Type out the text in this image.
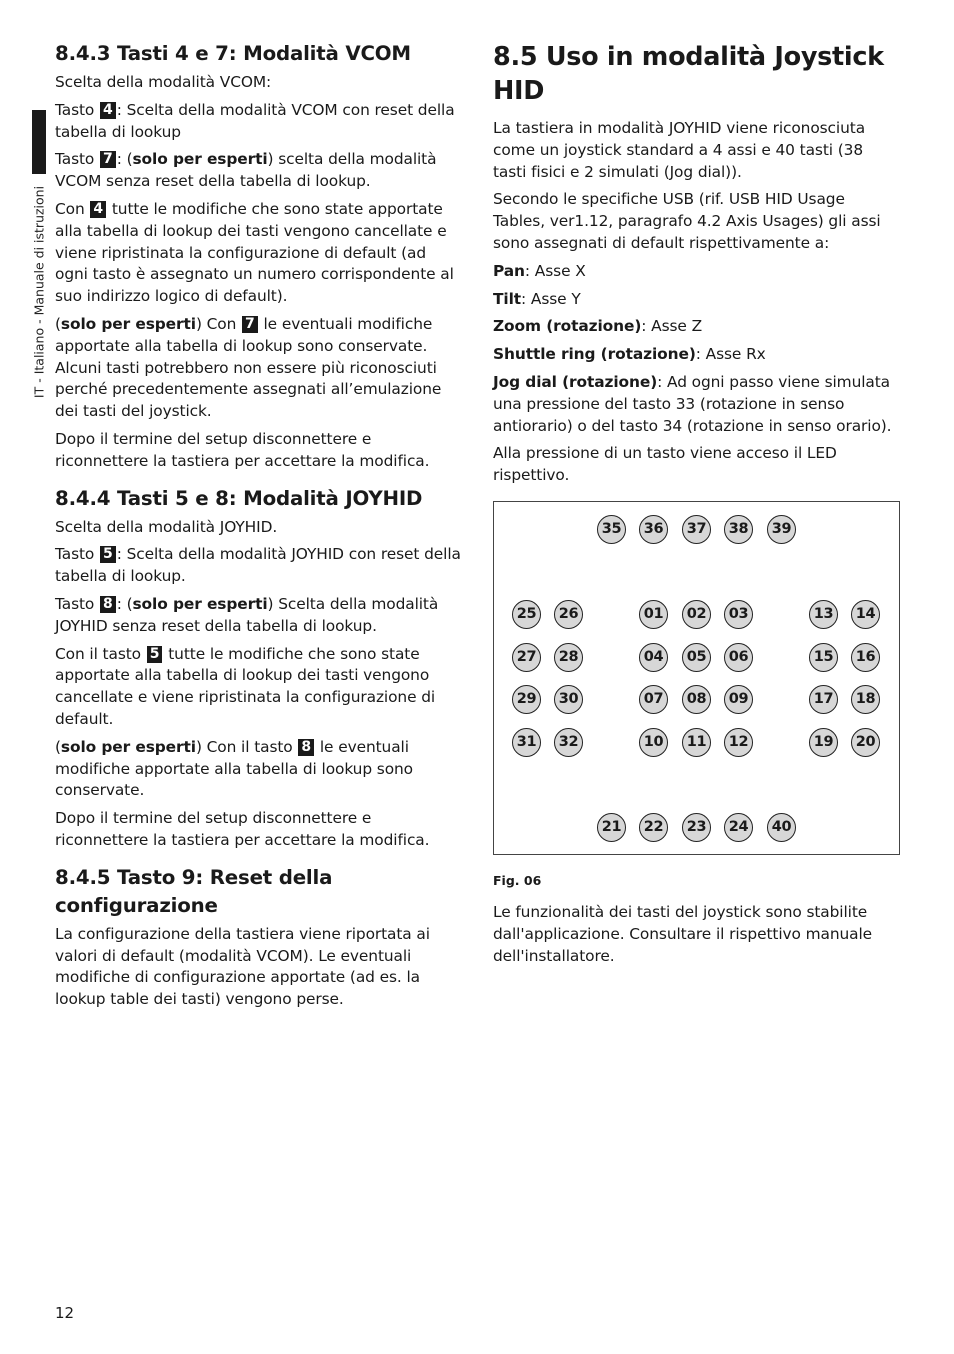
IT - Italiano - Manuale di istruzioni
8.4.3 Tasti 4 e 7: Modalità VCOM

Scelta della modalità VCOM:

Tasto 4 : Scelta della modalità VCOM con reset della tabella di lookup

Tasto 7 : (solo per esperti) scelta della modalità VCOM senza reset della tabella di lookup.

Con 4 tutte le modifiche che sono state apportate alla tabella di lookup dei tasti vengono cancellate e viene ripristinata la configurazione di default (ad ogni tasto è assegnato un numero corrispondente al suo indirizzo logico di default).

(solo per esperti) Con 7 le eventuali modifiche apportate alla tabella di lookup sono conservate. Alcuni tasti potrebbero non essere più riconosciuti perché precedentemente assegnati all’emulazione dei tasti del joystick.

Dopo il termine del setup disconnettere e riconnettere la tastiera per accettare la modifica.

8.4.4 Tasti 5 e 8: Modalità JOYHID

Scelta della modalità JOYHID.

Tasto 5 : Scelta della modalità JOYHID con reset della tabella di lookup.

Tasto 8 : (solo per esperti) Scelta della modalità JOYHID senza reset della tabella di lookup.

Con il tasto 5 tutte le modifiche che sono state apportate alla tabella di lookup dei tasti vengono cancellate e viene ripristinata la configurazione di default.

(solo per esperti) Con il tasto 8 le eventuali modifiche apportate alla tabella di lookup sono conservate.

Dopo il termine del setup disconnettere e riconnettere la tastiera per accettare la modifica.

8.4.5 Tasto 9: Reset della
configurazione

La configurazione della tastiera viene riportata ai valori di default (modalità VCOM). Le eventuali modifiche di configurazione apportate (ad es. la lookup table dei tasti) vengono perse.

8.5 Uso in modalità Joystick HID

La tastiera in modalità JOYHID viene riconosciuta come un joystick standard a 4 assi e 40 tasti (38 tasti fisici e 2 simulati (Jog dial)).

Secondo le specifiche USB (rif. USB HID Usage Tables, ver1.12, paragrafo 4.2 Axis Usages) gli assi sono assegnati di default rispettivamente a:

Pan: Asse X

Tilt: Asse Y

Zoom (rotazione): Asse Z

Shuttle ring (rotazione): Asse Rx

Jog dial (rotazione): Ad ogni passo viene simulata una pressione del tasto 33 (rotazione in senso antiorario) o del tasto 34 (rotazione in senso orario).

Alla pressione di un tasto viene acceso il LED rispettivo.

35	36	37	38	39
21	22	23	24	40
25	26
27	28
29	30
31	32
13	14
15	16
17	18
19	20
01	02	03
04	05	06
07	08	09
10	11	12
Fig. 06

Le funzionalità dei tasti del joystick sono stabilite dall'applicazione. Consultare il rispettivo manuale dell'installatore.

12
